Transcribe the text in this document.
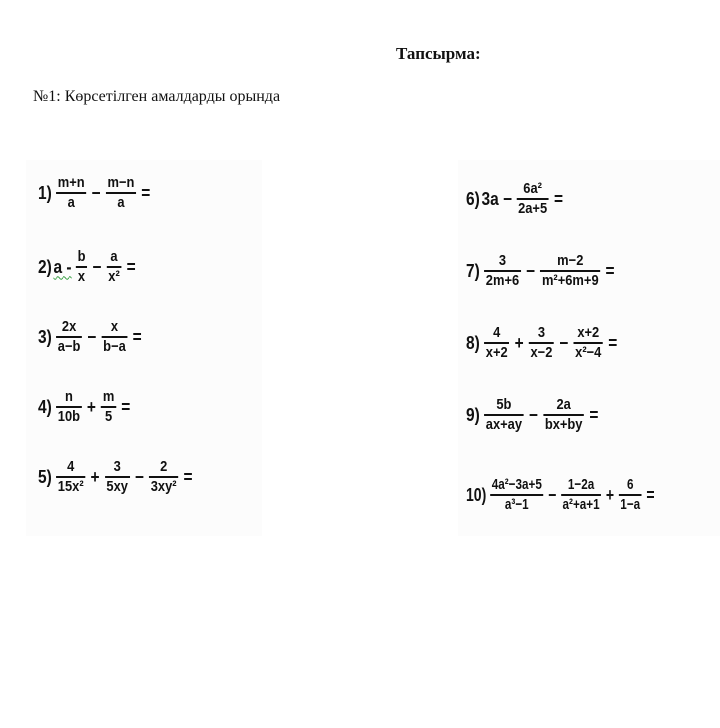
Тапсырма:
№1: Көрсетілген амалдарды орында
$1) \frac{m+n}{a} - \frac{m-n}{a}$ =
2) $a - \frac{b}{x} - \frac{a}{\text{x²}}$ =
$3) \frac{2x}{a-b} - \frac{x}{b-a}$ =
$4) \frac{n}{10b} + \frac{m}{5}$ =
$5) \frac{4}{\text{15x²}} + \frac{3}{5xy} - \frac{2}{\text{3xy²}}$ =
6) $3a - \frac{\text{6a²}}{2a+5}$ =
$7) \frac{3}{2m+6} - \frac{m-2}{\text{m²+6m+9}}$ =
$8) \frac{4}{x+2} + \frac{3}{x-2} - \frac{x+2}{\text{x²−4}}$ =
$9) \frac{5b}{ax+ay} - \frac{2a}{bx+by}$ =
$10) \frac{\text{4a²−3a+5}}{\text{a³−1}} - \frac{1-2a}{\text{a²+a+1}} + \frac{6}{1-a}$ =
